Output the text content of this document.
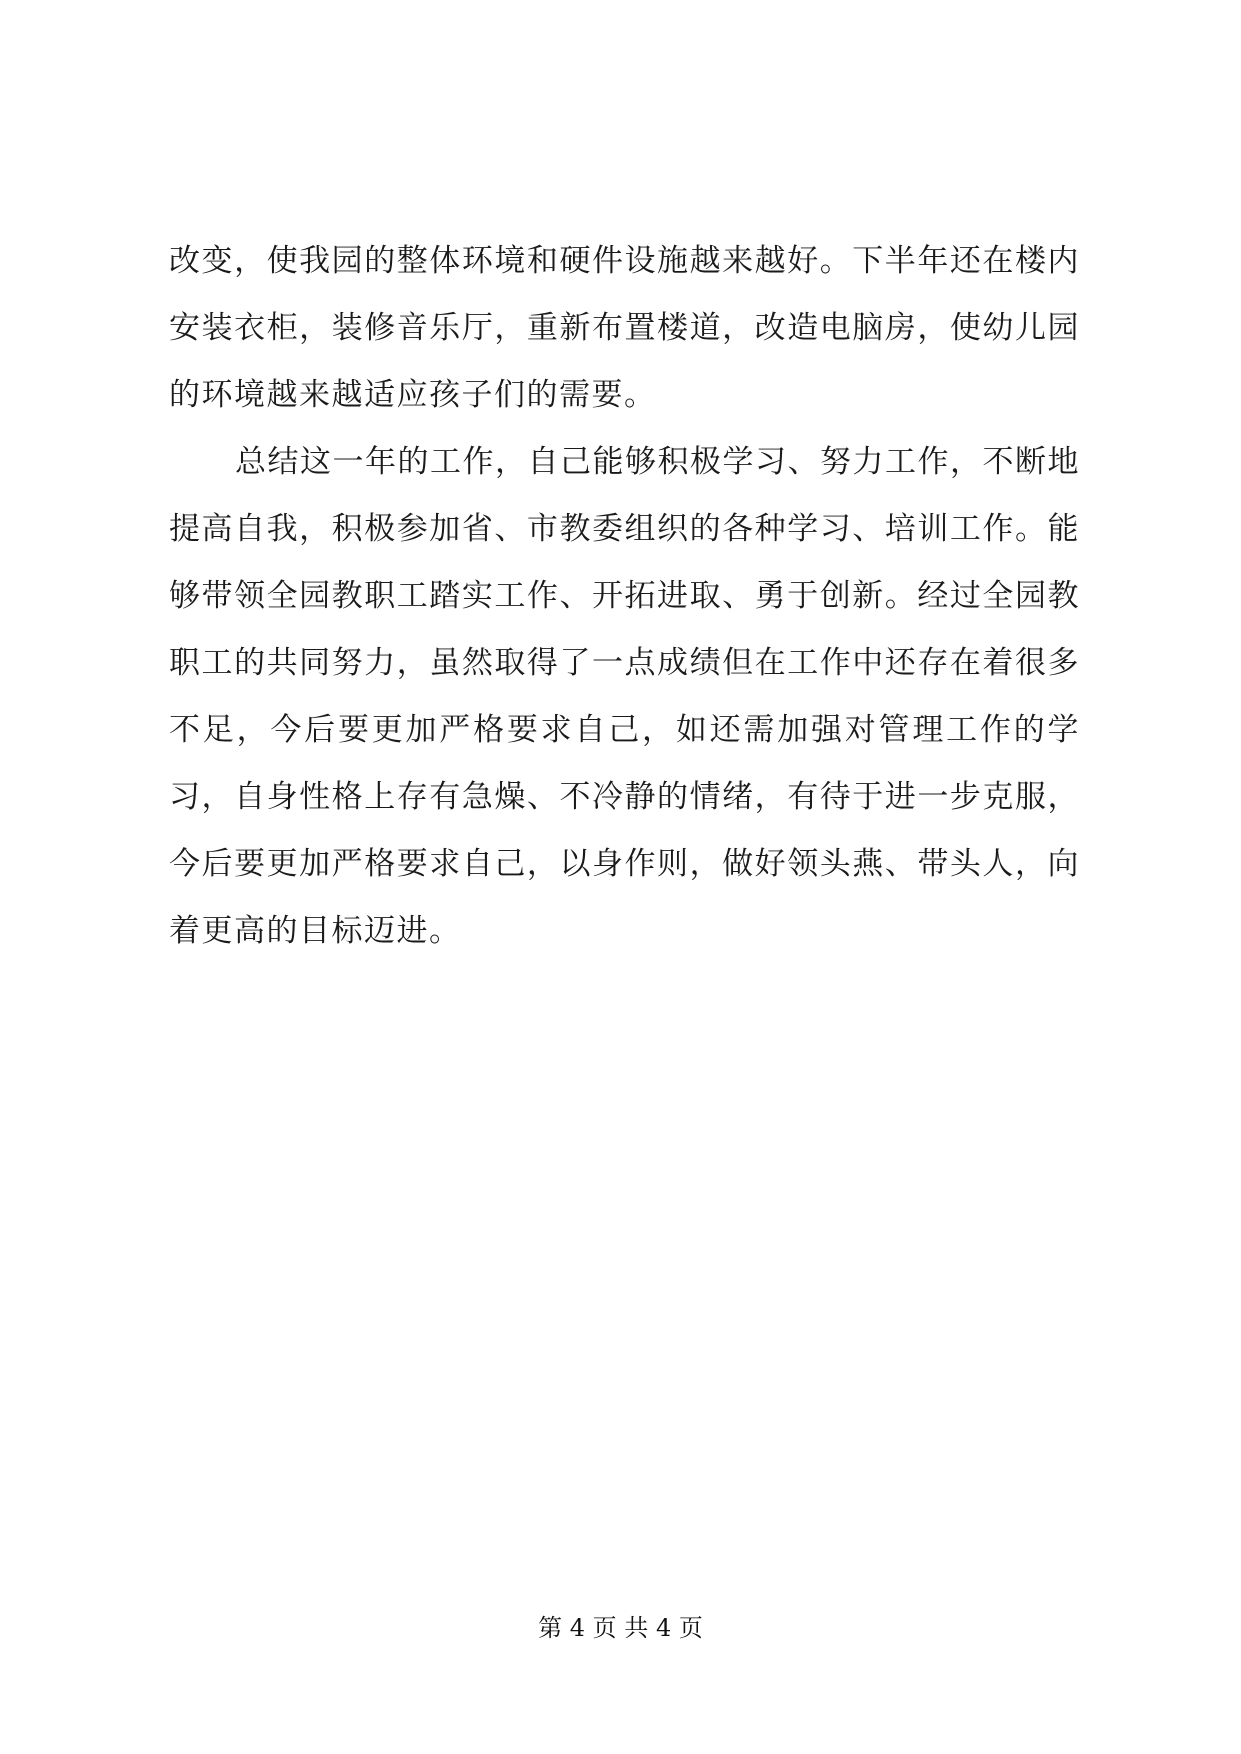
改变，使我园的整体环境和硬件设施越来越好。下半年还在楼内安装衣柜，装修音乐厅，重新布置楼道，改造电脑房，使幼儿园的环境越来越适应孩子们的需要。

总结这一年的工作，自己能够积极学习、努力工作，不断地提高自我，积极参加省、市教委组织的各种学习、培训工作。能够带领全园教职工踏实工作、开拓进取、勇于创新。经过全园教职工的共同努力，虽然取得了一点成绩但在工作中还存在着很多不足，今后要更加严格要求自己，如还需加强对管理工作的学习，自身性格上存有急燥、不冷静的情绪，有待于进一步克服，今后要更加严格要求自己，以身作则，做好领头燕、带头人，向着更高的目标迈进。

第 4 页 共 4 页
